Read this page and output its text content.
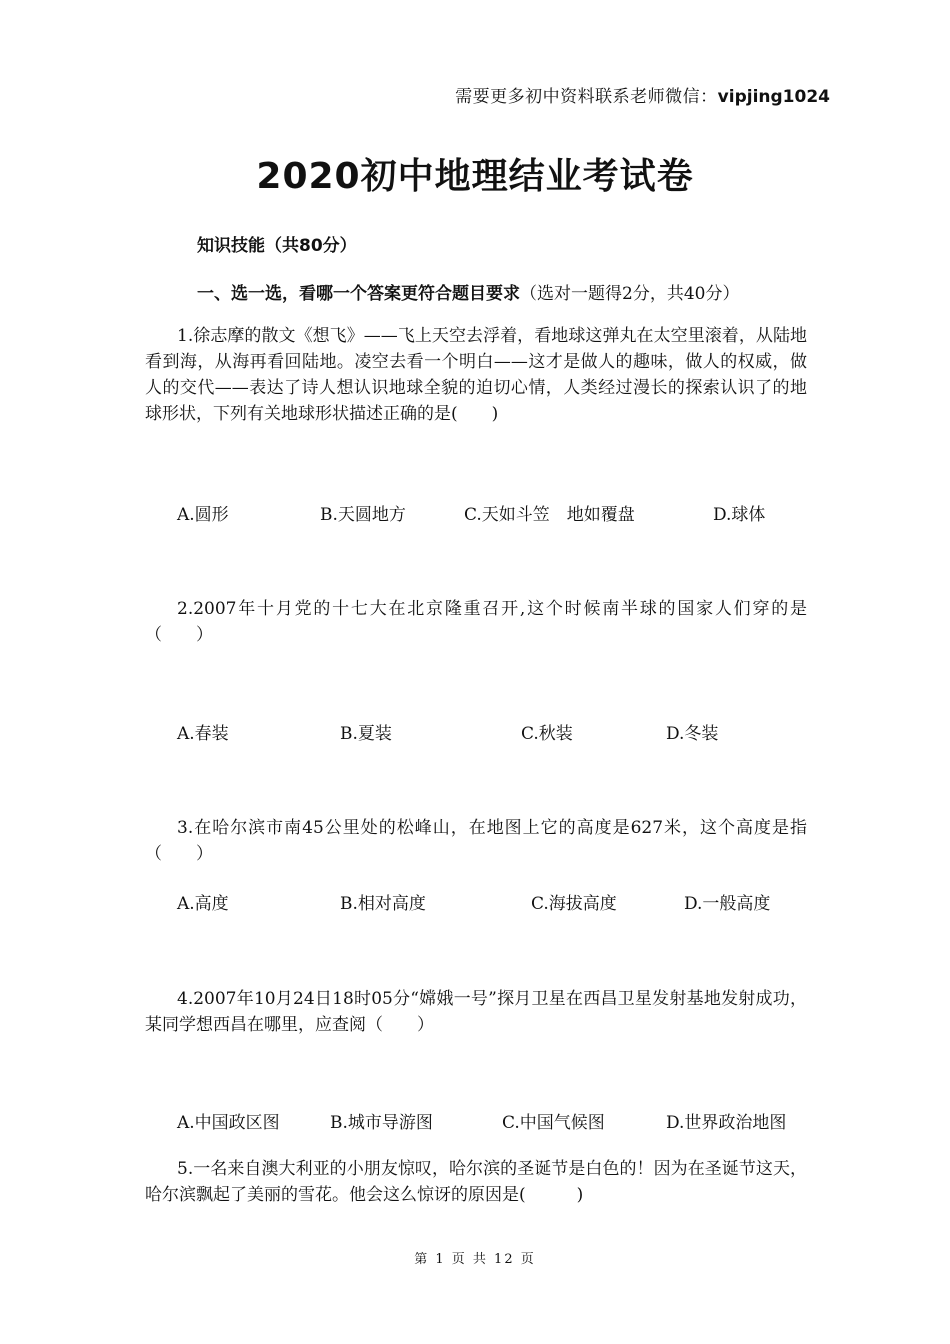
需要更多初中资料联系老师微信：vipjing1024
2020初中地理结业考试卷
知识技能（共80分）
一、选一选，看哪一个答案更符合题目要求（选对一题得2分，共40分）
1.徐志摩的散文《想飞》——飞上天空去浮着，看地球这弹丸在太空里滚着，从陆地看到海，从海再看回陆地。凌空去看一个明白——这才是做人的趣味，做人的权威，做人的交代——表达了诗人想认识地球全貌的迫切心情，人类经过漫长的探索认识了的地球形状，下列有关地球形状描述正确的是(　　)
A.圆形	B.天圆地方	C.天如斗笠　地如覆盘	D.球体
2.2007年十月党的十七大在北京隆重召开,这个时候南半球的国家人们穿的是（　　）
A.春装	B.夏装	C.秋装	D.冬装
3.在哈尔滨市南45公里处的松峰山，在地图上它的高度是627米，这个高度是指（　　）
A.高度	B.相对高度	C.海拔高度	D.一般高度
4.2007年10月24日18时05分“嫦娥一号”探月卫星在西昌卫星发射基地发射成功，某同学想西昌在哪里，应查阅（　　）
A.中国政区图	B.城市导游图	C.中国气候图	D.世界政治地图
5.一名来自澳大利亚的小朋友惊叹，哈尔滨的圣诞节是白色的！因为在圣诞节这天，哈尔滨飘起了美丽的雪花。他会这么惊讶的原因是(　　　)
第 1 页 共 12 页
